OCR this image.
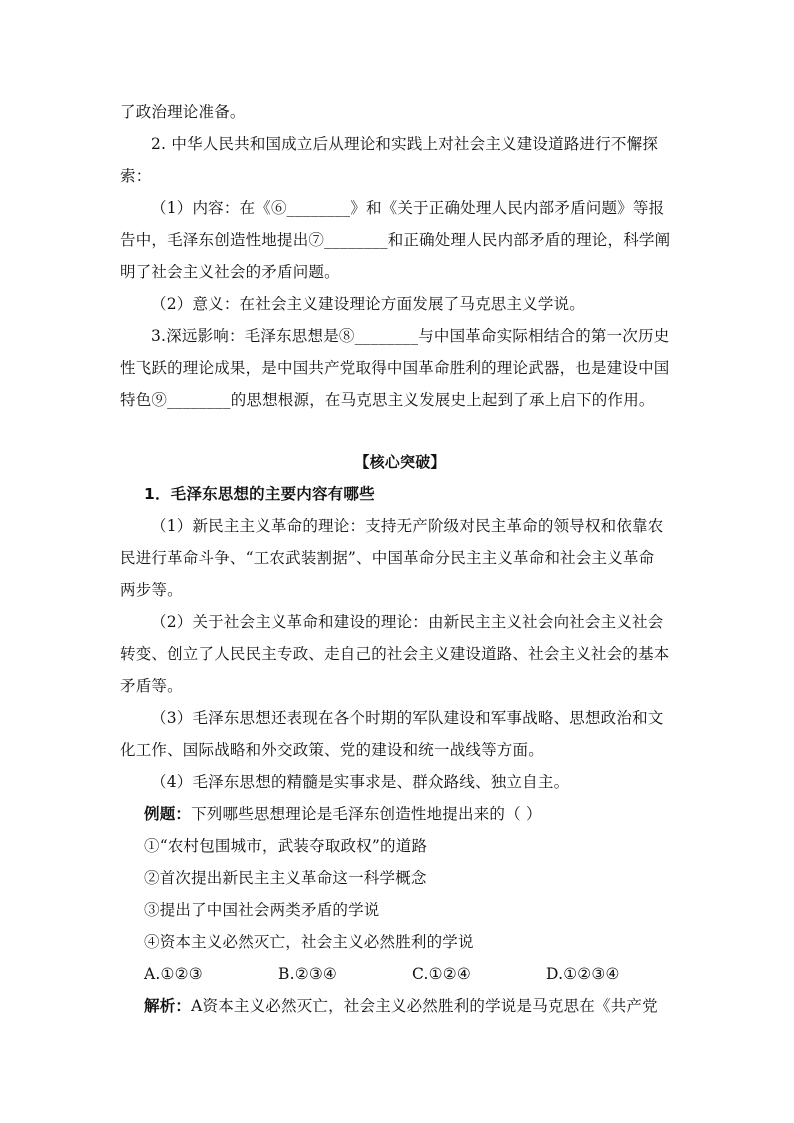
了政治理论准备。
2. 中华人民共和国成立后从理论和实践上对社会主义建设道路进行不懈探
索：
（1）内容：在《⑥________》和《关于正确处理人民内部矛盾问题》等报
告中，毛泽东创造性地提出⑦________和正确处理人民内部矛盾的理论，科学阐
明了社会主义社会的矛盾问题。
（2）意义：在社会主义建设理论方面发展了马克思主义学说。
3.深远影响：毛泽东思想是⑧________与中国革命实际相结合的第一次历史
性飞跃的理论成果，是中国共产党取得中国革命胜利的理论武器，也是建设中国
特色⑨________的思想根源，在马克思主义发展史上起到了承上启下的作用。
【核心突破】
1．毛泽东思想的主要内容有哪些
（1）新民主主义革命的理论：支持无产阶级对民主革命的领导权和依靠农
民进行革命斗争、“工农武装割据”、中国革命分民主主义革命和社会主义革命
两步等。
（2）关于社会主义革命和建设的理论：由新民主主义社会向社会主义社会
转变、创立了人民民主专政、走自己的社会主义建设道路、社会主义社会的基本
矛盾等。
（3）毛泽东思想还表现在各个时期的军队建设和军事战略、思想政治和文
化工作、国际战略和外交政策、党的建设和统一战线等方面。
（4）毛泽东思想的精髓是实事求是、群众路线、独立自主。
例题：下列哪些思想理论是毛泽东创造性地提出来的（ ）
①“农村包围城市，武装夺取政权”的道路
②首次提出新民主主义革命这一科学概念
③提出了中国社会两类矛盾的学说
④资本主义必然灭亡，社会主义必然胜利的学说
A.①②③	B.②③④	C.①②④	D.①②③④
解析：A资本主义必然灭亡，社会主义必然胜利的学说是马克思在《共产党
